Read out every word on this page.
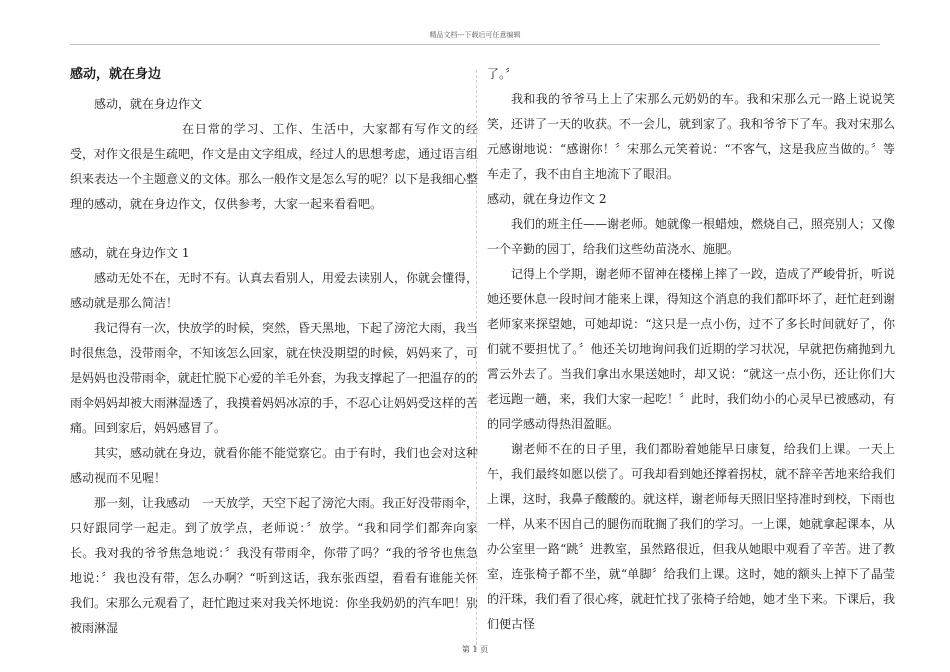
精品文档---下载后可任意编辑

感动，就在身边

感动，就在身边作文

在日常的学习、工作、生活中，大家都有写作文的经受，对作文很是生疏吧，作文是由文字组成，经过人的思想考虑，通过语言组织来表达一个主题意义的文体。那么一般作文是怎么写的呢？以下是我细心整理的感动，就在身边作文，仅供参考，大家一起来看看吧。

感动，就在身边作文 1

感动无处不在，无时不有。认真去看别人，用爱去读别人，你就会懂得，感动就是那么简洁！

我记得有一次，快放学的时候，突然，昏天黑地，下起了滂沱大雨，我当时很焦急，没带雨伞，不知该怎么回家，就在快没期望的时候，妈妈来了，可是妈妈也没带雨伞，就赶忙脱下心爱的羊毛外套，为我支撑起了一把温存的的雨伞妈妈却被大雨淋湿透了，我摸着妈妈冰凉的手，不忍心让妈妈受这样的苦痛。回到家后，妈妈感冒了。

其实，感动就在身边，就看你能不能觉察它。由于有时，我们也会对这种感动视而不见喔！

那一刻，让我感动　一天放学，天空下起了滂沱大雨。我正好没带雨伞，只好跟同学一起走。到了放学点，老师说：〞放学。“我和同学们都奔向家长。我对我的爷爷焦急地说：〞我没有带雨伞，你带了吗？“我的爷爷也焦急地说：〞我也没有带，怎么办啊？“听到这话，我东张西望，看看有谁能关怀我们。宋那么元观看了，赶忙跑过来对我关怀地说：你坐我奶奶的汽车吧！别被雨淋湿

了。〞

我和我的爷爷马上上了宋那么元奶奶的车。我和宋那么元一路上说说笑笑，还讲了一天的收获。不一会儿，就到家了。我和爷爷下了车。我对宋那么元感谢地说：“感谢你！〞宋那么元笑着说：“不客气，这是我应当做的。〞等车走了，我不由自主地流下了眼泪。

感动，就在身边作文 2

我们的班主任——谢老师。她就像一根蜡烛，燃烧自己，照亮别人；又像一个辛勤的园丁，给我们这些幼苗浇水、施肥。

记得上个学期，谢老师不留神在楼梯上摔了一跤，造成了严峻骨折，听说她还要休息一段时间才能来上课，得知这个消息的我们都吓坏了，赶忙赶到谢老师家来探望她，可她却说：“这只是一点小伤，过不了多长时间就好了，你们就不要担忧了。〞他还关切地询问我们近期的学习状况，早就把伤痛抛到九霄云外去了。当我们拿出水果送她时，却又说：“就这一点小伤，还让你们大老远跑一趟，来，我们大家一起吃！〞此时，我们幼小的心灵早已被感动，有的同学感动得热泪盈眶。

谢老师不在的日子里，我们都盼着她能早日康复，给我们上课。一天上午，我们最终如愿以偿了。可我却看到她还撑着拐杖，就不辞辛苦地来给我们上课，这时，我鼻子酸酸的。就这样，谢老师每天照旧坚持准时到校，下雨也一样，从来不因自己的腿伤而耽搁了我们的学习。一上课，她就拿起课本，从办公室里一路“跳〞进教室，虽然路很近，但我从她眼中观看了辛苦。进了教室，连张椅子都不坐，就“单脚〞给我们上课。这时，她的额头上掉下了晶莹的汗珠，我们看了很心疼，就赶忙找了张椅子给她，她才坐下来。下课后，我们便古怪

第 1 页
